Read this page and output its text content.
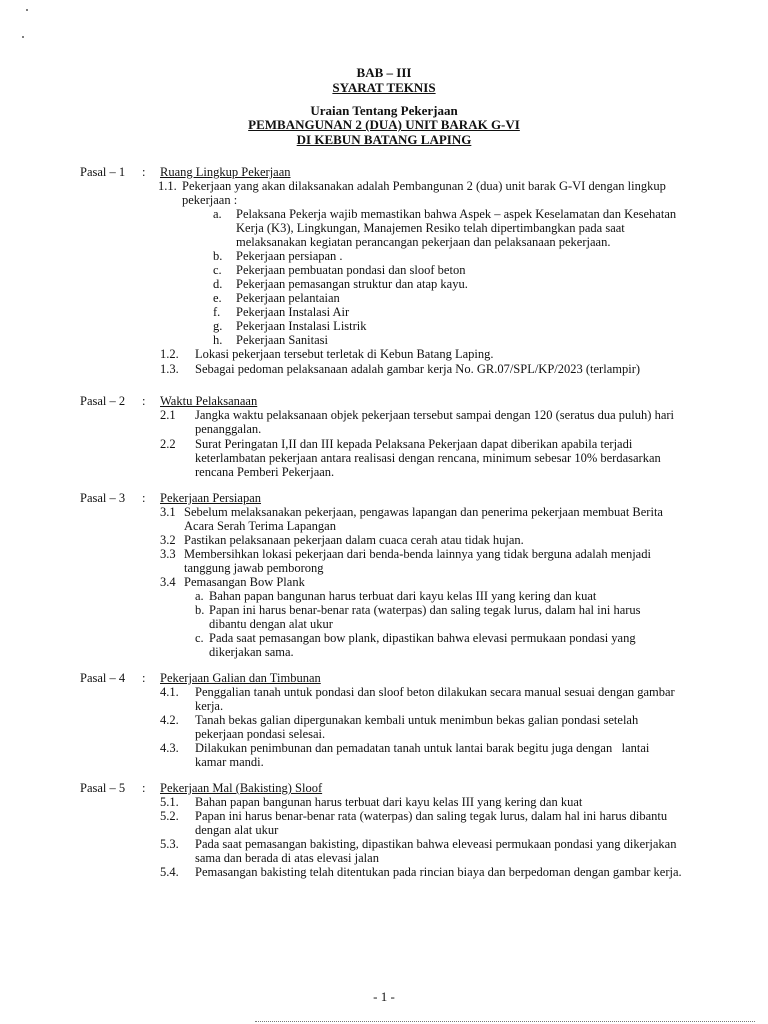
BAB – III
SYARAT TEKNIS
Uraian Tentang Pekerjaan
PEMBANGUNAN 2 (DUA) UNIT BARAK G-VI
DI KEBUN BATANG LAPING
Pasal – 1	: Ruang Lingkup Pekerjaan
1.1. Pekerjaan yang akan dilaksanakan adalah Pembangunan 2 (dua) unit barak G-VI dengan lingkup
pekerjaan :
a. Pelaksana Pekerja wajib memastikan bahwa Aspek – aspek Keselamatan dan Kesehatan
Kerja (K3), Lingkungan, Manajemen Resiko telah dipertimbangkan pada saat
melaksanakan kegiatan perancangan pekerjaan dan pelaksanaan pekerjaan.
b. Pekerjaan persiapan .
c. Pekerjaan pembuatan pondasi dan sloof beton
d. Pekerjaan pemasangan struktur dan atap kayu.
e. Pekerjaan pelantaian
f. Pekerjaan Instalasi Air
g. Pekerjaan Instalasi Listrik
h. Pekerjaan Sanitasi
1.2. Lokasi pekerjaan tersebut terletak di Kebun Batang Laping.
1.3. Sebagai pedoman pelaksanaan adalah gambar kerja No. GR.07/SPL/KP/2023 (terlampir)
Pasal – 2	: Waktu Pelaksanaan
2.1 Jangka waktu pelaksanaan objek pekerjaan tersebut sampai dengan 120 (seratus dua puluh) hari
penanggalan.
2.2 Surat Peringatan I,II dan III kepada Pelaksana Pekerjaan dapat diberikan apabila terjadi
keterlambatan pekerjaan antara realisasi dengan rencana, minimum sebesar 10% berdasarkan
rencana Pemberi Pekerjaan.
Pasal – 3	: Pekerjaan Persiapan
3.1 Sebelum melaksanakan pekerjaan, pengawas lapangan dan penerima pekerjaan membuat Berita
Acara Serah Terima Lapangan
3.2 Pastikan pelaksanaan pekerjaan dalam cuaca cerah atau tidak hujan.
3.3 Membersihkan lokasi pekerjaan dari benda-benda lainnya yang tidak berguna adalah menjadi
tanggung jawab pemborong
3.4 Pemasangan Bow Plank
a. Bahan papan bangunan harus terbuat dari kayu kelas III yang kering dan kuat
b. Papan ini harus benar-benar rata (waterpas) dan saling tegak lurus, dalam hal ini harus
dibantu dengan alat ukur
c. Pada saat pemasangan bow plank, dipastikan bahwa elevasi permukaan pondasi yang
dikerjakan sama.
Pasal – 4	: Pekerjaan Galian dan Timbunan
4.1. Penggalian tanah untuk pondasi dan sloof beton dilakukan secara manual sesuai dengan gambar
kerja.
4.2. Tanah bekas galian dipergunakan kembali untuk menimbun bekas galian pondasi setelah
pekerjaan pondasi selesai.
4.3. Dilakukan penimbunan dan pemadatan tanah untuk lantai barak begitu juga dengan   lantai
kamar mandi.
Pasal – 5	: Pekerjaan Mal (Bakisting) Sloof
5.1. Bahan papan bangunan harus terbuat dari kayu kelas III yang kering dan kuat
5.2. Papan ini harus benar-benar rata (waterpas) dan saling tegak lurus, dalam hal ini harus dibantu
dengan alat ukur
5.3. Pada saat pemasangan bakisting, dipastikan bahwa eleveasi permukaan pondasi yang dikerjakan
sama dan berada di atas elevasi jalan
5.4. Pemasangan bakisting telah ditentukan pada rincian biaya dan berpedoman dengan gambar kerja.
- 1 -
